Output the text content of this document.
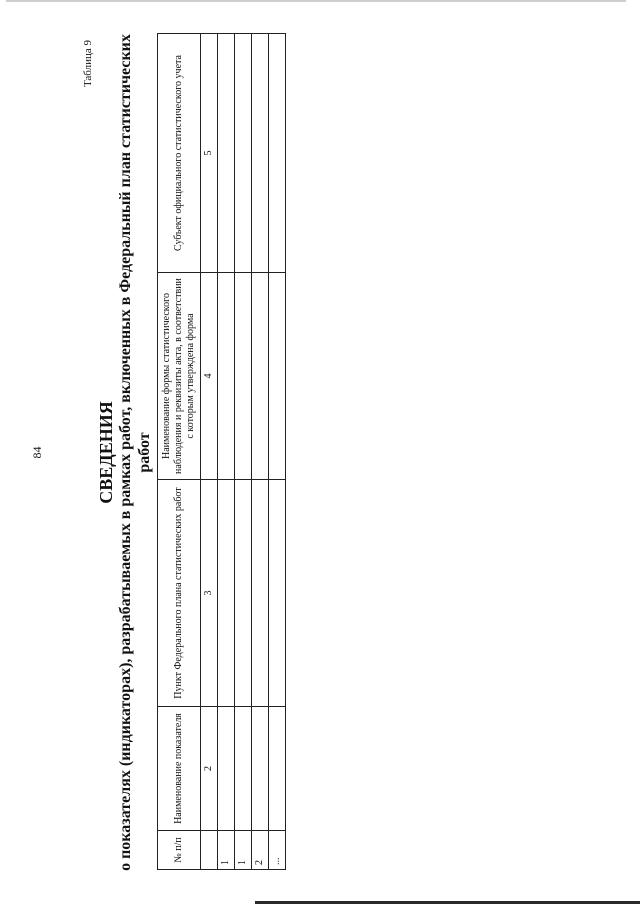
84
Таблица 9
СВЕДЕНИЯ о показателях (индикаторах), разрабатываемых в рамках работ, включенных в Федеральный план статистических работ
№ п/п	Наименование показателя	Пункт Федерального плана статистических работ	Наименование формы статистического наблюдения и реквизиты акта, в соответствии с которым утверждена форма	Субъект официального статистического учета
	2	3	4	5
1				
1				
2				
...				
